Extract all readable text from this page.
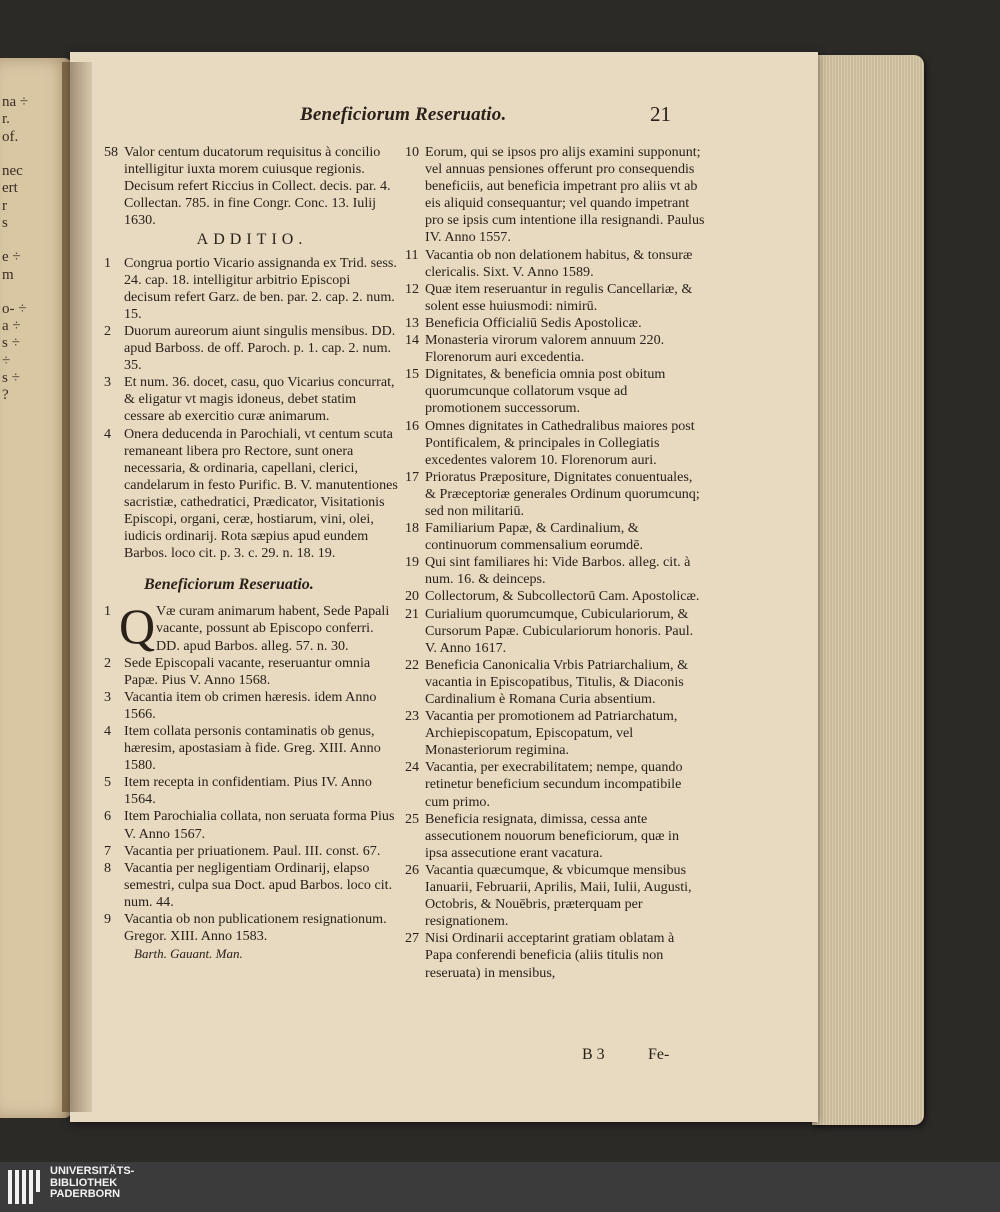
na ÷
r.
of.
nec
ert
r
s
e ÷
m
o- ÷
a ÷
s ÷
÷
s ÷
?
Beneficiorum Reseruatio.	21
58 Valor centum ducatorum requisitus à concilio intelligitur iuxta morem cuiusque regionis. Decisum refert Riccius in Collect. decis. par. 4. Collectan. 785. in fine Congr. Conc. 13. Iulij 1630.
ADDITIO.
1 Congrua portio Vicario assignanda ex Trid. sess. 24. cap. 18. intelligitur arbitrio Episcopi decisum refert Garz. de ben. par. 2. cap. 2. num. 15.
2 Duorum aureorum aiunt singulis mensibus. DD. apud Barboss. de off. Paroch. p. 1. cap. 2. num. 35.
3 Et num. 36. docet, casu, quo Vicarius concurrat, & eligatur vt magis idoneus, debet statim cessare ab exercitio curæ animarum.
4 Onera deducenda in Parochiali, vt centum scuta remaneant libera pro Rectore, sunt onera necessaria, & ordinaria, capellani, clerici, candelarum in festo Purific. B. V. manutentiones sacristiæ, cathedratici, Prædicator, Visitationis Episcopi, organi, ceræ, hostiarum, vini, olei, iudicis ordinarij. Rota sæpius apud eundem Barbos. loco cit. p. 3. c. 29. n. 18. 19.
Beneficiorum Reseruatio.
1 Q Væ curam animarum habent, Sede Papali vacante, possunt ab Episcopo conferri. DD. apud Barbos. alleg. 57. n. 30.
2 Sede Episcopali vacante, reseruantur omnia Papæ. Pius V. Anno 1568.
3 Vacantia item ob crimen hæresis. idem Anno 1566.
4 Item collata personis contaminatis ob genus, hæresim, apostasiam à fide. Greg. XIII. Anno 1580.
5 Item recepta in confidentiam. Pius IV. Anno 1564.
6 Item Parochialia collata, non seruata forma Pius V. Anno 1567.
7 Vacantia per priuationem. Paul. III. const. 67.
8 Vacantia per negligentiam Ordinarij, elapso semestri, culpa sua Doct. apud Barbos. loco cit. num. 44.
9 Vacantia ob non publicationem resignationum. Gregor. XIII. Anno 1583.
Barth. Gauant. Man.
10 Eorum, qui se ipsos pro alijs examini supponunt; vel annuas pensiones offerunt pro consequendis beneficiis, aut beneficia impetrant pro aliis vt ab eis aliquid consequantur; vel quando impetrant pro se ipsis cum intentione illa resignandi. Paulus IV. Anno 1557.
11 Vacantia ob non delationem habitus, & tonsuræ clericalis. Sixt. V. Anno 1589.
12 Quæ item reseruantur in regulis Cancellariæ, & solent esse huiusmodi: nimirū.
13 Beneficia Officialiū Sedis Apostolicæ.
14 Monasteria virorum valorem annuum 220. Florenorum auri excedentia.
15 Dignitates, & beneficia omnia post obitum quorumcunque collatorum vsque ad promotionem successorum.
16 Omnes dignitates in Cathedralibus maiores post Pontificalem, & principales in Collegiatis excedentes valorem 10. Florenorum auri.
17 Prioratus Præpositure, Dignitates conuentuales, & Præceptoriæ generales Ordinum quorumcunq; sed non militariū.
18 Familiarium Papæ, & Cardinalium, & continuorum commensalium eorumdē.
19 Qui sint familiares hi: Vide Barbos. alleg. cit. à num. 16. & deinceps.
20 Collectorum, & Subcollectorū Cam. Apostolicæ.
21 Curialium quorumcumque, Cubiculariorum, & Cursorum Papæ. Cubiculariorum honoris. Paul. V. Anno 1617.
22 Beneficia Canonicalia Vrbis Patriarchalium, & vacantia in Episcopatibus, Titulis, & Diaconis Cardinalium è Romana Curia absentium.
23 Vacantia per promotionem ad Patriarchatum, Archiepiscopatum, Episcopatum, vel Monasteriorum regimina.
24 Vacantia, per execrabilitatem; nempe, quando retinetur beneficium secundum incompatibile cum primo.
25 Beneficia resignata, dimissa, cessa ante assecutionem nouorum beneficiorum, quæ in ipsa assecutione erant vacatura.
26 Vacantia quæcumque, & vbicumque mensibus Ianuarii, Februarii, Aprilis, Maii, Iulii, Augusti, Octobris, & Nouēbris, præterquam per resignationem.
27 Nisi Ordinarii acceptarint gratiam oblatam à Papa conferendi beneficia (aliis titulis non reseruata) in mensibus,
B 3	Fe-
UNIVERSITÄTS-
BIBLIOTHEK
PADERBORN
